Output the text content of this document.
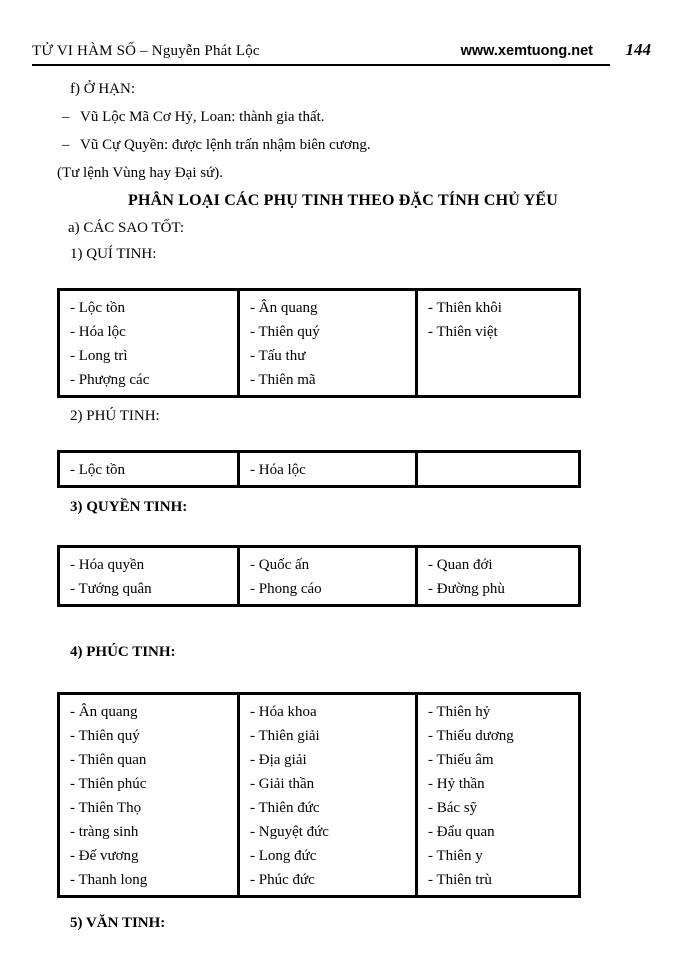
TỬ VI HÀM SỐ – Nguyễn Phát Lộc	www.xemtuong.net	144
f) Ở HẠN:
– Vũ Lộc Mã Cơ Hỷ, Loan: thành gia thất.
– Vũ Cự Quyền: được lệnh trấn nhậm biên cương.
(Tư lệnh Vùng hay Đại sứ).
PHÂN LOẠI CÁC PHỤ TINH THEO ĐẶC TÍNH CHỦ YẾU
a) CÁC SAO TỐT:
1) QUÍ TINH:
- Lộc tồn
- Hóa lộc
- Long trì
- Phượng các

- Ân quang
- Thiên quý
- Tấu thư
- Thiên mã

- Thiên khôi
- Thiên việt
2) PHÚ TINH:
- Lộc tồn	- Hóa lộc

3) QUYỀN TINH:
- Hóa quyền
- Tướng quân

- Quốc ấn
- Phong cáo

- Quan đới
- Đường phù
4) PHÚC TINH:
- Ân quang
- Thiên quý
- Thiên quan
- Thiên phúc
- Thiên Thọ
- tràng sinh
- Đế vương
- Thanh long

- Hóa khoa
- Thiên giải
- Địa giải
- Giải thần
- Thiên đức
- Nguyệt đức
- Long đức
- Phúc đức

- Thiên hỷ
- Thiếu dương
- Thiếu âm
- Hỷ thần
- Bác sỹ
- Đẩu quan
- Thiên y
- Thiên trù
5) VĂN TINH:
